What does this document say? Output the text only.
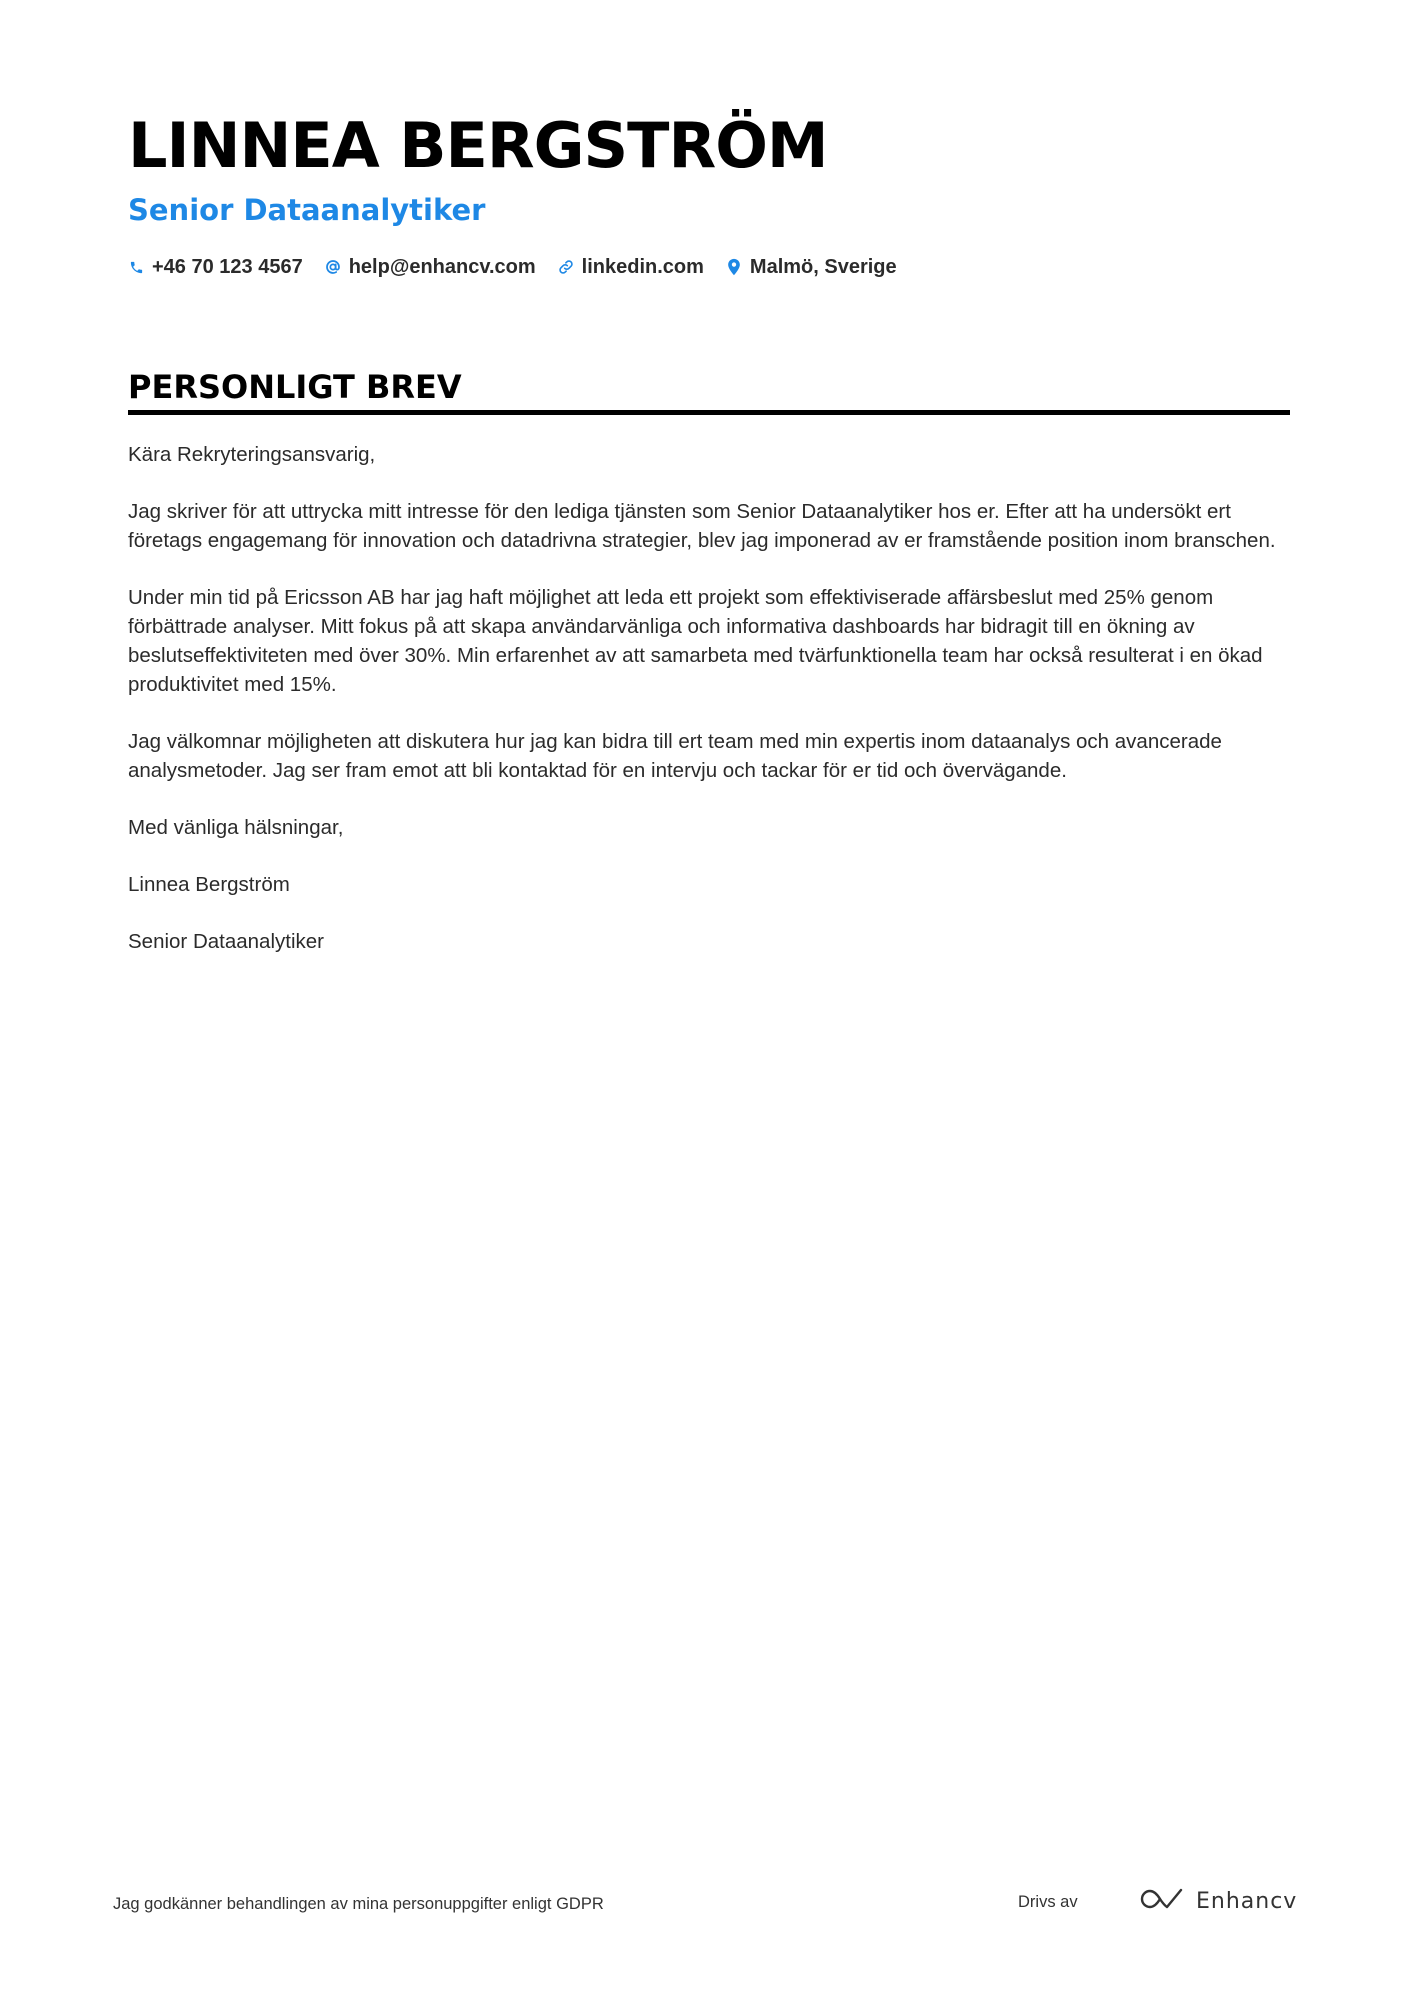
LINNEA BERGSTRÖM
Senior Dataanalytiker
+46 70 123 4567 help@enhancv.com linkedin.com Malmö, Sverige
PERSONLIGT BREV

Kära Rekryteringsansvarig,

Jag skriver för att uttrycka mitt intresse för den lediga tjänsten som Senior Dataanalytiker hos er. Efter att ha undersökt ert företags engagemang för innovation och datadrivna strategier, blev jag imponerad av er framstående position inom branschen.

Under min tid på Ericsson AB har jag haft möjlighet att leda ett projekt som effektiviserade affärsbeslut med 25% genom förbättrade analyser. Mitt fokus på att skapa användarvänliga och informativa dashboards har bidragit till en ökning av beslutseffektiviteten med över 30%. Min erfarenhet av att samarbeta med tvärfunktionella team har också resulterat i en ökad produktivitet med 15%.

Jag välkomnar möjligheten att diskutera hur jag kan bidra till ert team med min expertis inom dataanalys och avancerade analysmetoder. Jag ser fram emot att bli kontaktad för en intervju och tackar för er tid och övervägande.

Med vänliga hälsningar,

Linnea Bergström

Senior Dataanalytiker

Jag godkänner behandlingen av mina personuppgifter enligt GDPR	Drivs av	Enhancv
